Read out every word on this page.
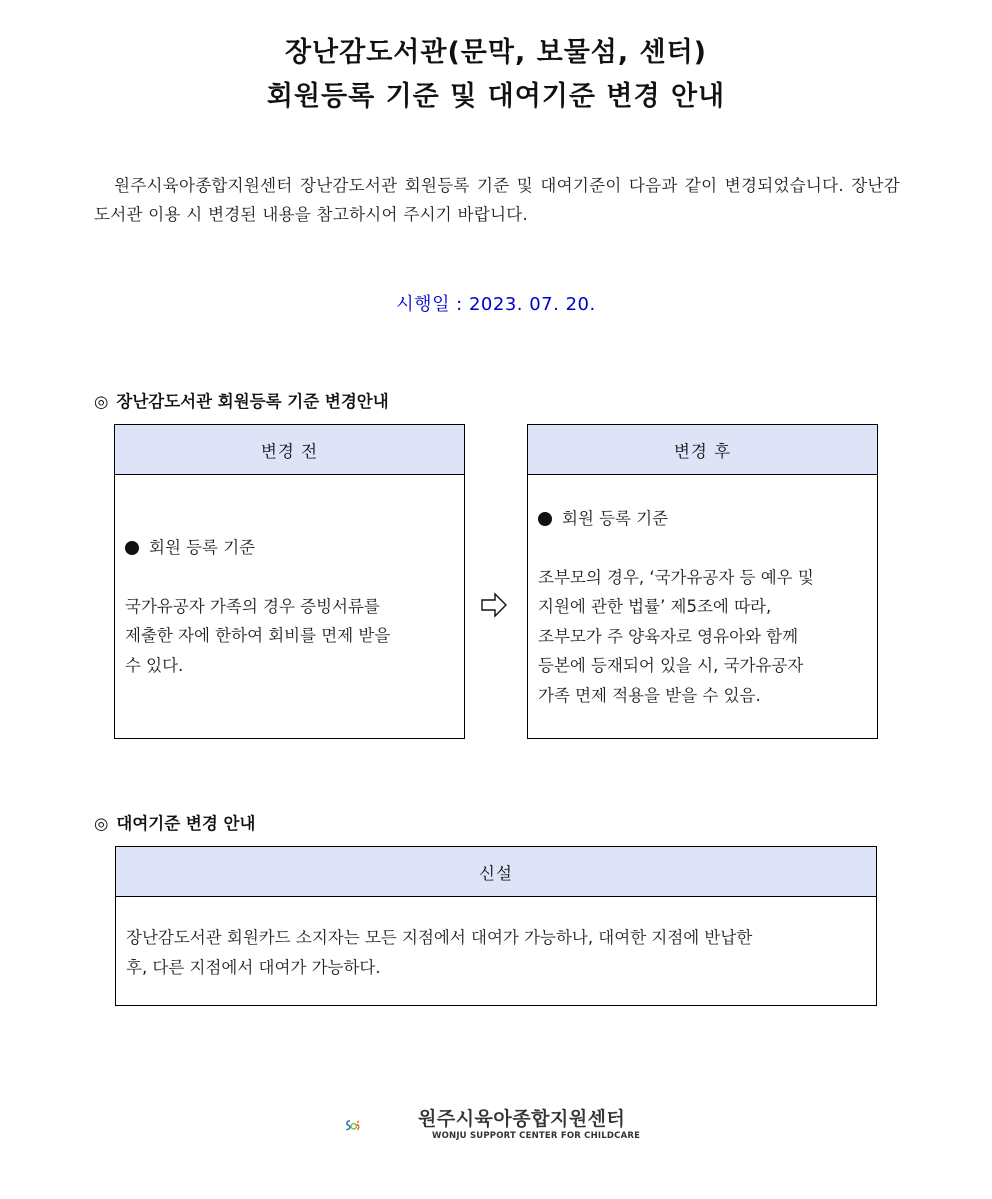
장난감도서관(문막, 보물섬, 센터)
회원등록 기준 및 대여기준 변경 안내
원주시육아종합지원센터 장난감도서관 회원등록 기준 및 대여기준이 다음과 같이 변경되었습니다. 장난감도서관 이용 시 변경된 내용을 참고하시어 주시기 바랍니다.
시행일 : 2023. 07. 20.
◎ 장난감도서관 회원등록 기준 변경안내
변경 전
회원 등록 기준
국가유공자 가족의 경우 증빙서류를
제출한 자에 한하여 회비를 면제 받을
수 있다.
변경 후
회원 등록 기준
조부모의 경우, ‘국가유공자 등 예우 및
지원에 관한 법률’ 제5조에 따라,
조부모가 주 양육자로 영유아와 함께
등본에 등재되어 있을 시, 국가유공자
가족 면제 적용을 받을 수 있음.
◎ 대여기준 변경 안내
신설
장난감도서관 회원카드 소지자는 모든 지점에서 대여가 가능하나, 대여한 지점에 반납한
후, 다른 지점에서 대여가 가능하다.
원주시육아종합지원센터
WONJU SUPPORT CENTER FOR CHILDCARE
